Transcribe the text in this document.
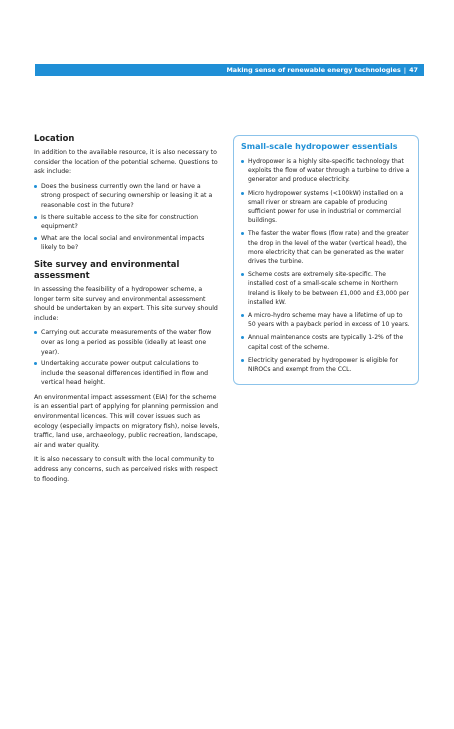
Making sense of renewable energy technologies | 47
Location

In addition to the available resource, it is also necessary to consider the location of the potential scheme. Questions to ask include:

Does the business currently own the land or have a strong prospect of securing ownership or leasing it at a reasonable cost in the future?
Is there suitable access to the site for construction equipment?
What are the local social and environmental impacts likely to be?
Site survey and environmental assessment

In assessing the feasibility of a hydropower scheme, a longer term site survey and environmental assessment should be undertaken by an expert. This site survey should include:

Carrying out accurate measurements of the water flow over as long a period as possible (ideally at least one year).
Undertaking accurate power output calculations to include the seasonal differences identified in flow and vertical head height.

An environmental impact assessment (EIA) for the scheme is an essential part of applying for planning permission and environmental licences. This will cover issues such as ecology (especially impacts on migratory fish), noise levels, traffic, land use, archaeology, public recreation, landscape, air and water quality.

It is also necessary to consult with the local community to address any concerns, such as perceived risks with respect to flooding.

Small-scale hydropower essentials
Hydropower is a highly site-specific technology that exploits the flow of water through a turbine to drive a generator and produce electricity.
Micro hydropower systems (<100kW) installed on a small river or stream are capable of producing sufficient power for use in industrial or commercial buildings.
The faster the water flows (flow rate) and the greater the drop in the level of the water (vertical head), the more electricity that can be generated as the water drives the turbine.
Scheme costs are extremely site-specific. The installed cost of a small-scale scheme in Northern Ireland is likely to be between £1,000 and £3,000 per installed kW.
A micro-hydro scheme may have a lifetime of up to 50 years with a payback period in excess of 10 years.
Annual maintenance costs are typically 1-2% of the capital cost of the scheme.
Electricity generated by hydropower is eligible for NIROCs and exempt from the CCL.
